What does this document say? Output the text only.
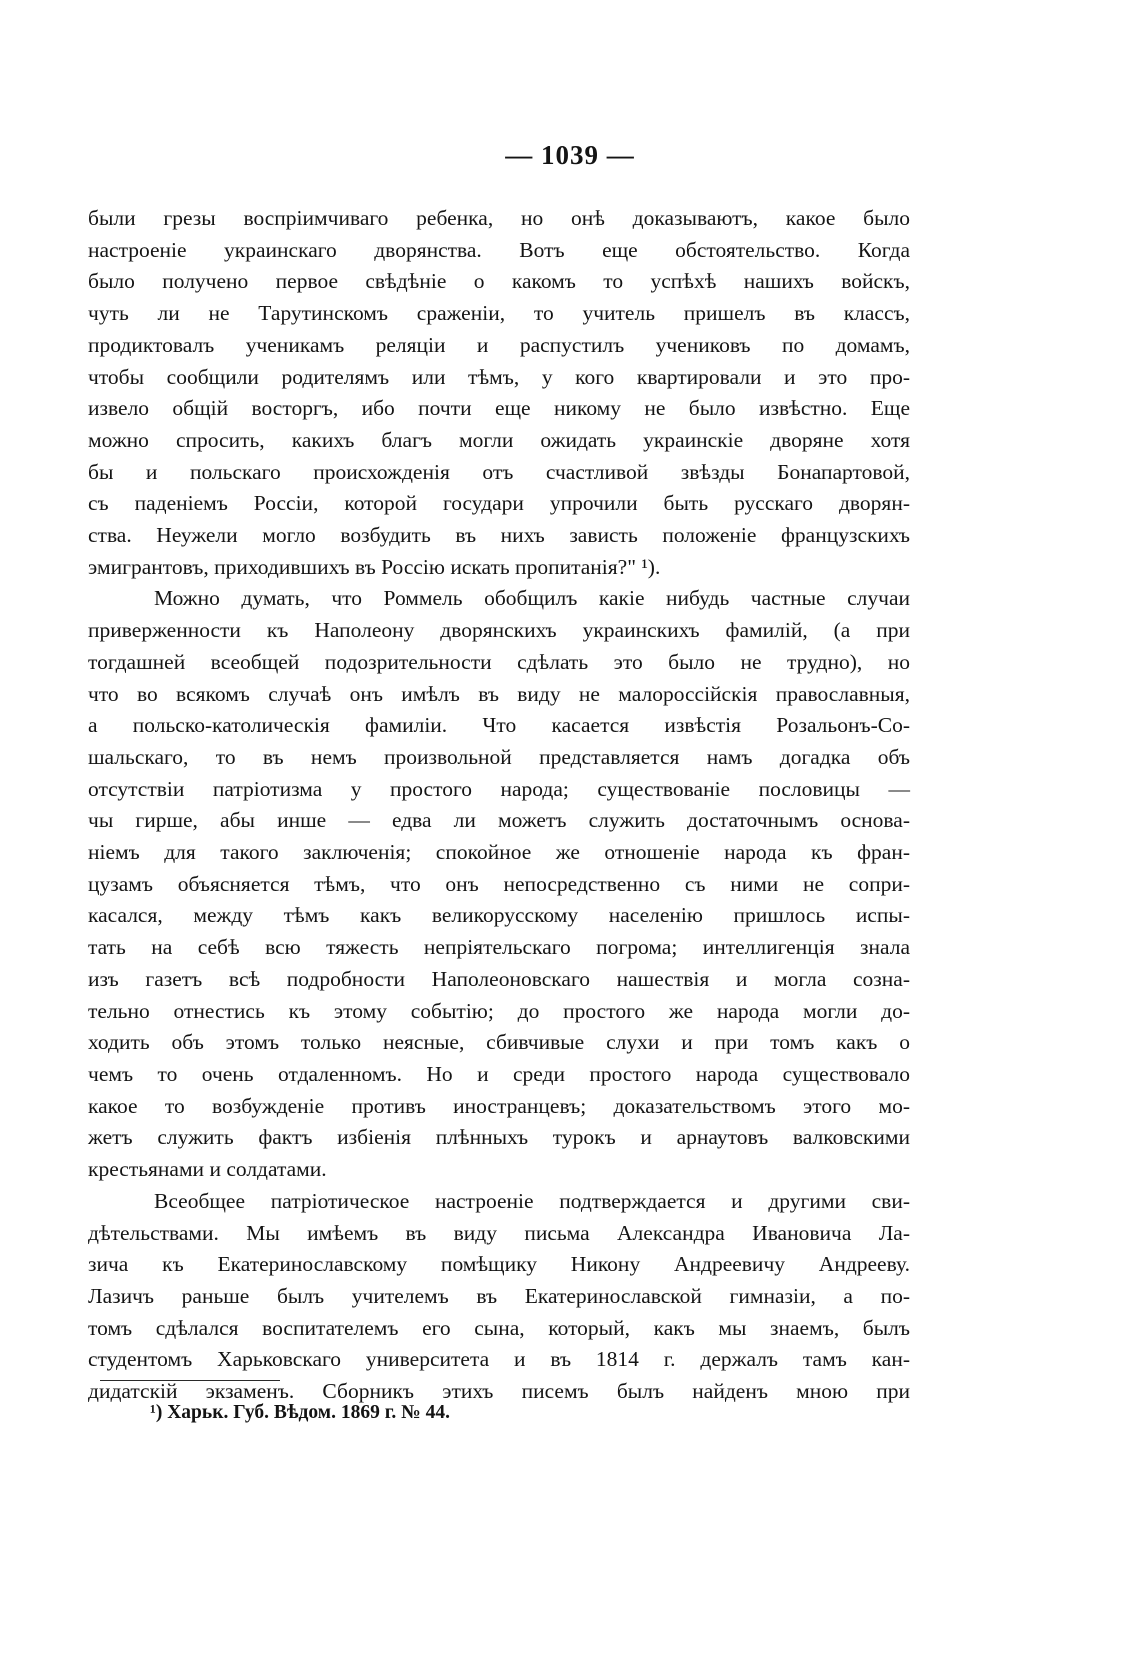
— 1039 —
были грезы воспріимчиваго ребенка, но онѣ доказываютъ, какое было
настроеніе украинскаго дворянства. Вотъ еще обстоятельство. Когда
было получено первое свѣдѣніе о какомъ то успѣхѣ нашихъ войскъ,
чуть ли не Тарутинскомъ сраженіи, то учитель пришелъ въ классъ,
продиктовалъ ученикамъ реляціи и распустилъ учениковъ по домамъ,
чтобы сообщили родителямъ или тѣмъ, у кого квартировали и это про-
извело общій восторгъ, ибо почти еще никому не было извѣстно. Еще
можно спросить, какихъ благъ могли ожидать украинскіе дворяне хотя
бы и польскаго происхожденія отъ счастливой звѣзды Бонапартовой,
съ паденіемъ Россіи, которой государи упрочили быть русскаго дворян-
ства. Неужели могло возбудить въ нихъ зависть положеніе французскихъ
эмигрантовъ, приходившихъ въ Россію искать пропитанія?" ¹).
Можно думать, что Роммель обобщилъ какіе нибудь частные случаи
приверженности къ Наполеону дворянскихъ украинскихъ фамилій, (а при
тогдашней всеобщей подозрительности сдѣлать это было не трудно), но
что во всякомъ случаѣ онъ имѣлъ въ виду не малороссійскія православныя,
а польско-католическія фамиліи. Что касается извѣстія Розальонъ-Со-
шальскаго, то въ немъ произвольной представляется намъ догадка объ
отсутствіи патріотизма у простого народа; существованіе пословицы —
чы гирше, абы инше — едва ли можетъ служить достаточнымъ основа-
ніемъ для такого заключенія; спокойное же отношеніе народа къ фран-
цузамъ объясняется тѣмъ, что онъ непосредственно съ ними не сопри-
касался, между тѣмъ какъ великорусскому населенію пришлось испы-
тать на себѣ всю тяжесть непріятельскаго погрома; интеллигенція знала
изъ газетъ всѣ подробности Наполеоновскаго нашествія и могла созна-
тельно отнестись къ этому событію; до простого же народа могли до-
ходить объ этомъ только неясные, сбивчивые слухи и при томъ какъ о
чемъ то очень отдаленномъ. Но и среди простого народа существовало
какое то возбужденіе противъ иностранцевъ; доказательствомъ этого мо-
жетъ служить фактъ избіенія плѣнныхъ турокъ и арнаутовъ валковскими
крестьянами и солдатами.
Всеобщее патріотическое настроеніе подтверждается и другими сви-
дѣтельствами. Мы имѣемъ въ виду письма Александра Ивановича Ла-
зича къ Екатеринославскому помѣщику Никону Андреевичу Андрееву.
Лазичъ раньше былъ учителемъ въ Екатеринославской гимназіи, а по-
томъ сдѣлался воспитателемъ его сына, который, какъ мы знаемъ, былъ
студентомъ Харьковскаго университета и въ 1814 г. держалъ тамъ кан-
дидатскій экзаменъ. Сборникъ этихъ писемъ былъ найденъ мною при
¹) Харьк. Губ. Вѣдом. 1869 г. № 44.
